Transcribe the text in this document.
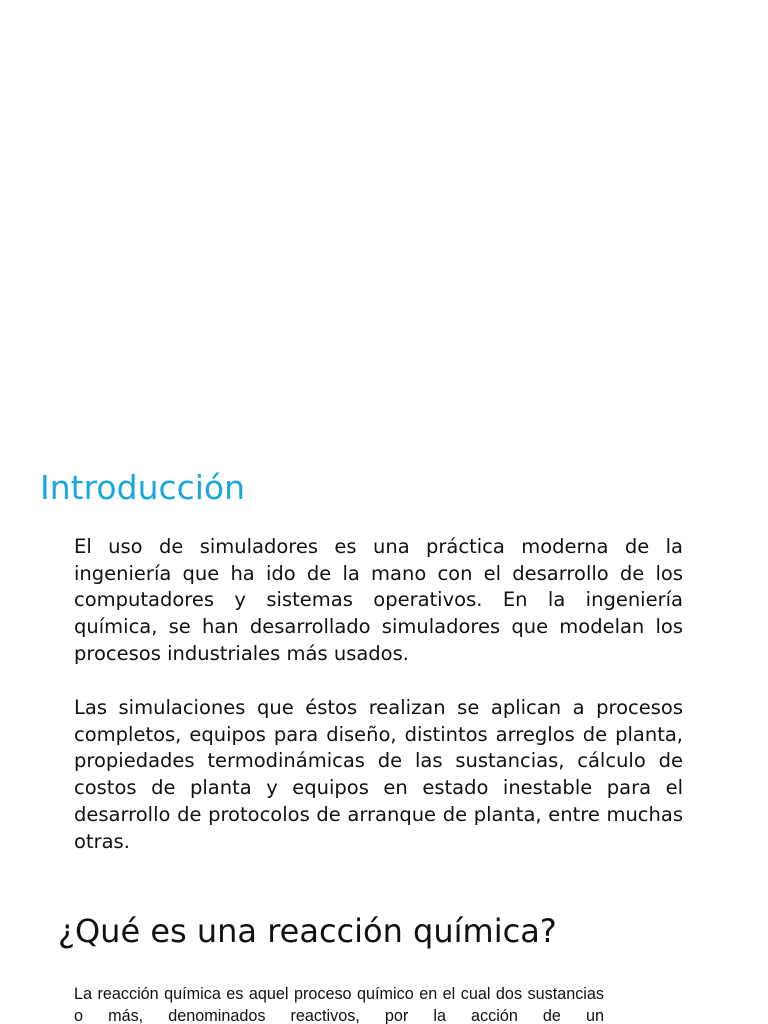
Introducción

El uso de simuladores es una práctica moderna de la ingeniería que ha ido de la mano con el desarrollo de los computadores y sistemas operativos. En la ingeniería química, se han desarrollado simuladores que modelan los procesos industriales más usados.

Las simulaciones que éstos realizan se aplican a procesos completos, equipos para diseño, distintos arreglos de planta, propiedades termodinámicas de las sustancias, cálculo de costos de planta y equipos en estado inestable para el desarrollo de protocolos de arranque de planta, entre muchas otras.

¿Qué es una reacción química?

La reacción química es aquel proceso químico en el cual dos sustancias o más, denominados reactivos, por la acción de un
